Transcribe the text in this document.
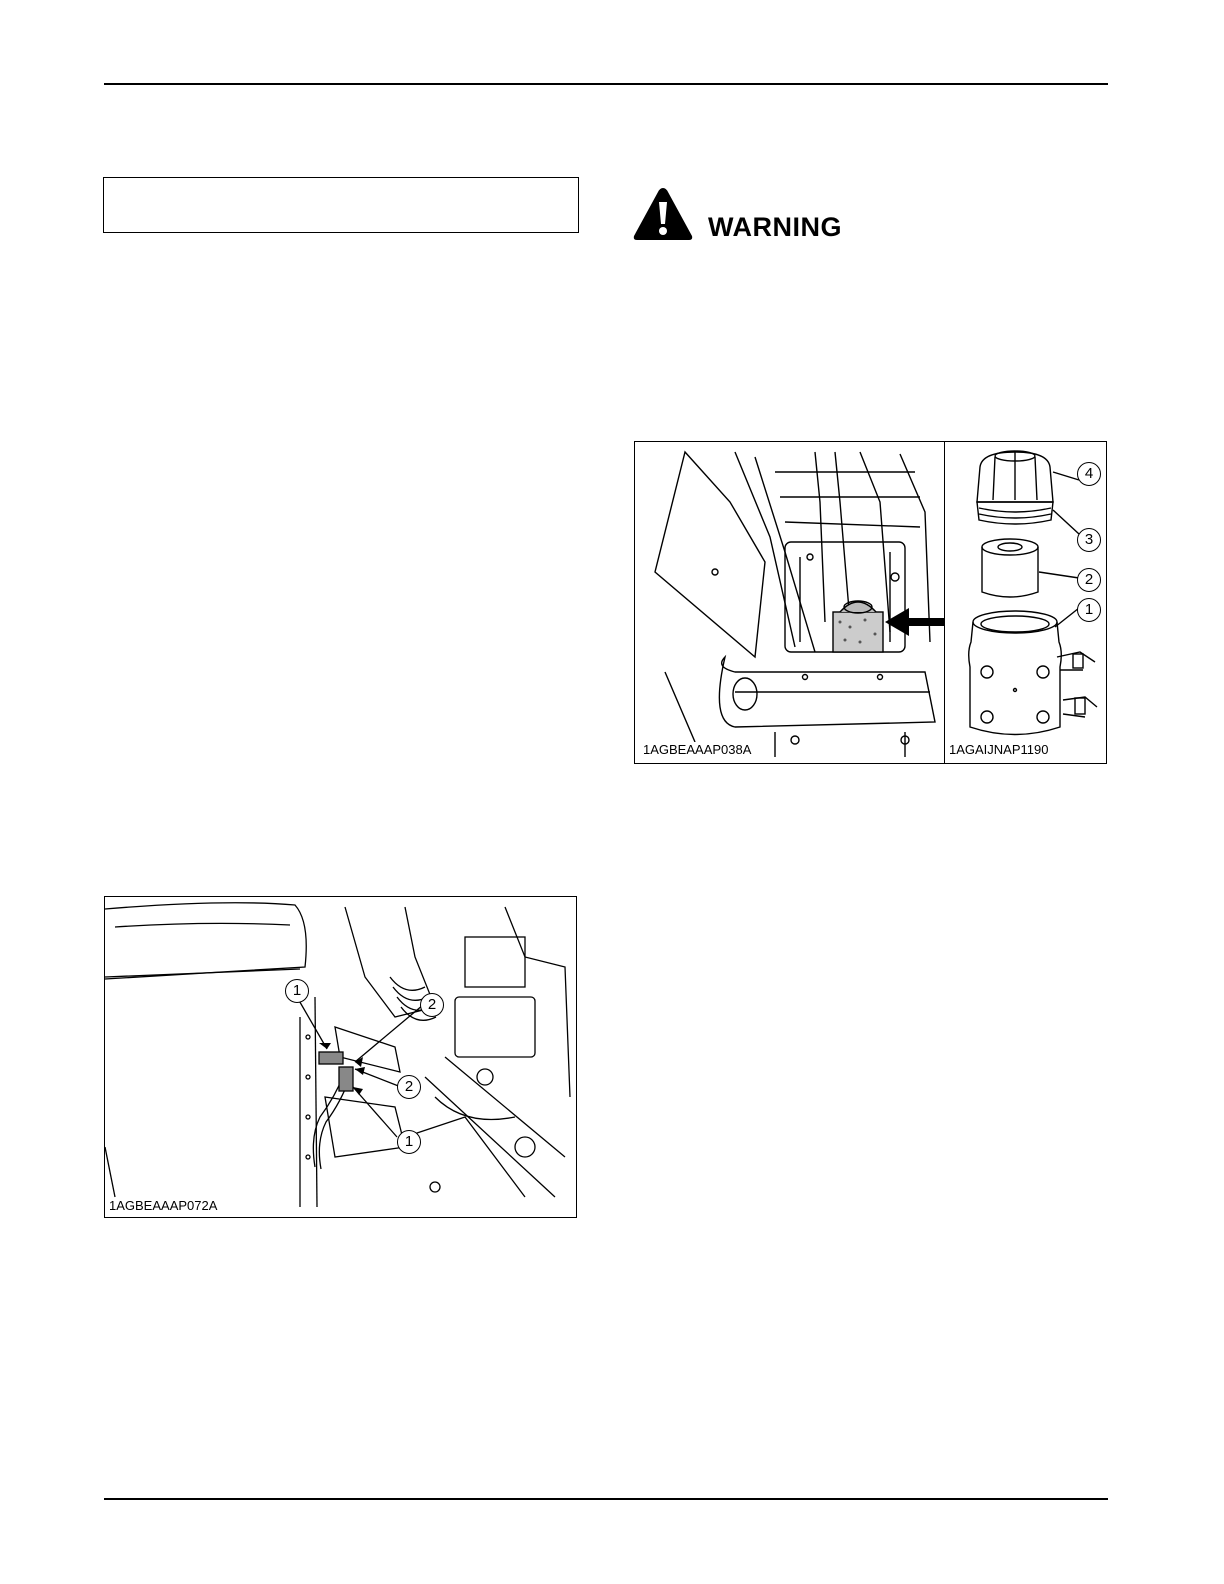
WARNING
1AGBEAAAP038A
4
3
2
1
1AGAIJNAP1190
1
2
2
1
1AGBEAAAP072A
